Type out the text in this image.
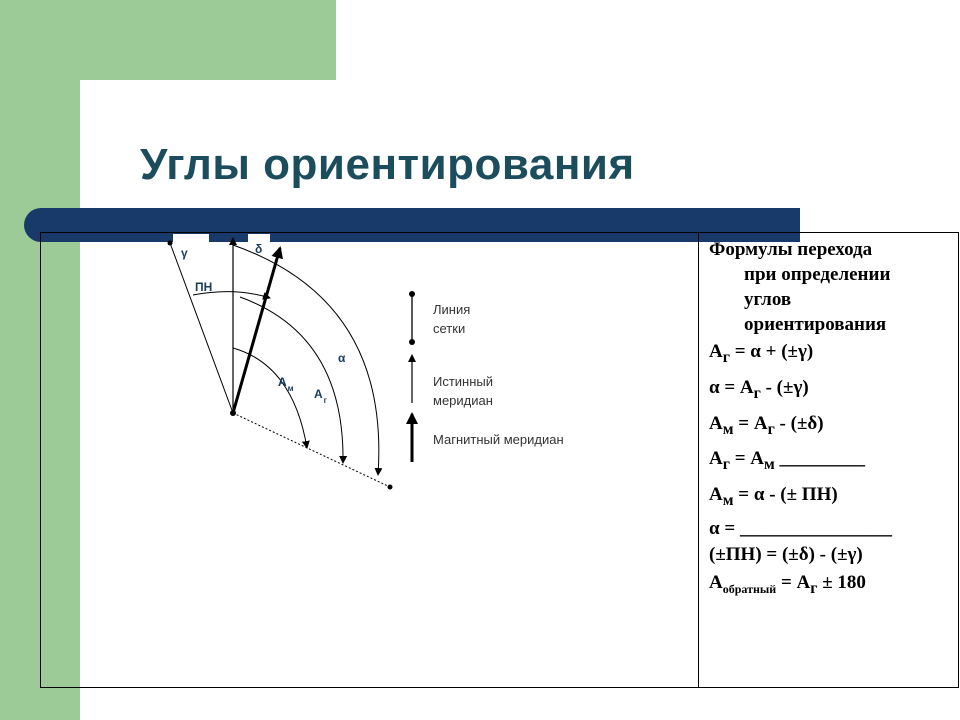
Углы ориентирования
γ	δ
ПН
α
$А_м$ $А_г$
Линия
сетки
Истинный
меридиан
Магнитный меридиан
Формулы перехода
при определении
углов
ориентирования
$А_г = \alpha + (\pm\gamma)$
$\alpha = А_г - (\pm\gamma)$
$А_м = А_г - (\pm\delta)$
$А_г = А_м$ _________
$А_м = \alpha$ - (± ПН)
α = ________________
(±ПН) = (±δ) - (±γ)
$А_{обратный} = А_г \pm 180$
